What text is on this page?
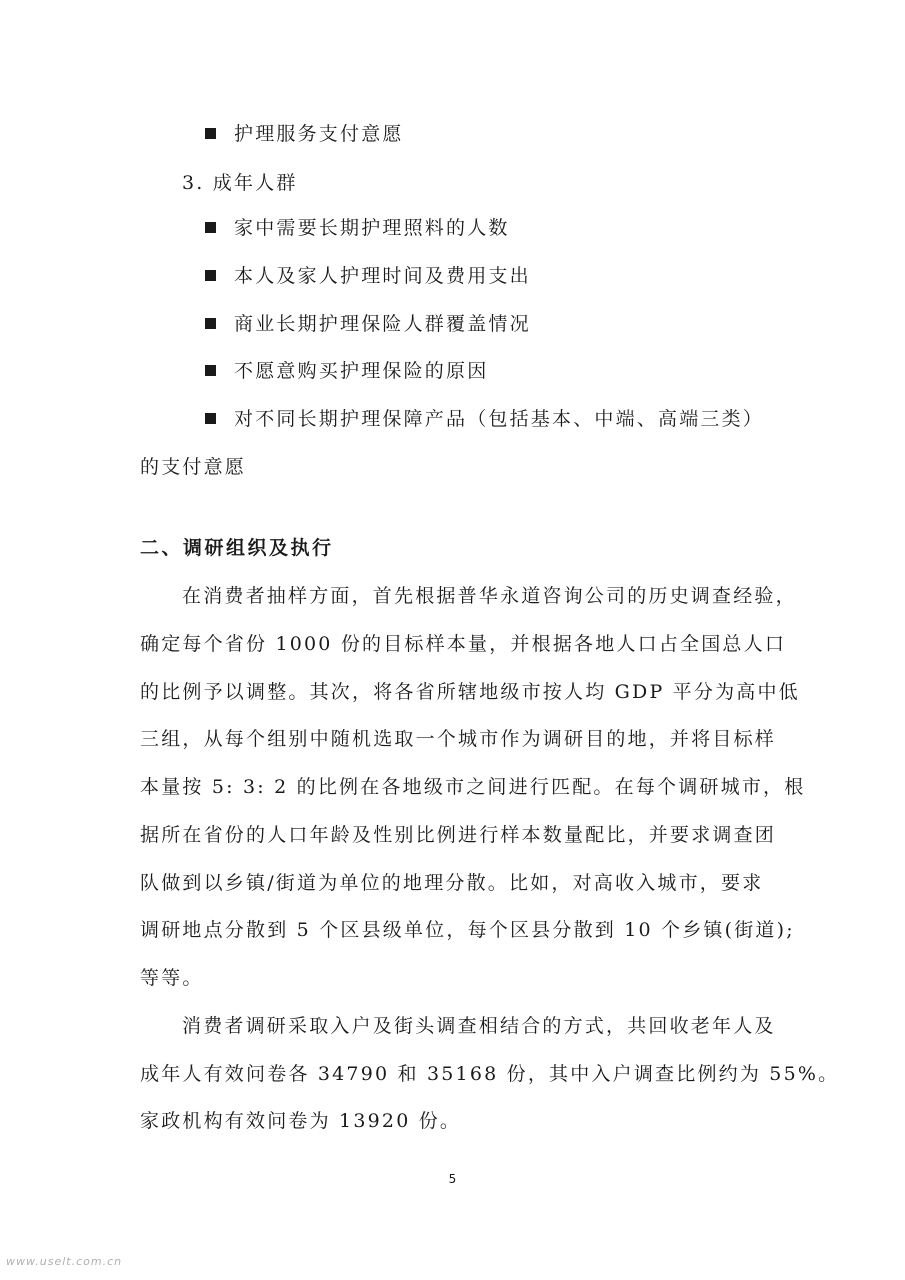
护理服务支付意愿
3. 成年人群
家中需要长期护理照料的人数
本人及家人护理时间及费用支出
商业长期护理保险人群覆盖情况
不愿意购买护理保险的原因
对不同长期护理保障产品（包括基本、中端、高端三类）
的支付意愿
二、调研组织及执行
在消费者抽样方面，首先根据普华永道咨询公司的历史调查经验，
确定每个省份 1000 份的目标样本量，并根据各地人口占全国总人口
的比例予以调整。其次，将各省所辖地级市按人均 GDP 平分为高中低
三组，从每个组别中随机选取一个城市作为调研目的地，并将目标样
本量按 5: 3: 2 的比例在各地级市之间进行匹配。在每个调研城市，根
据所在省份的人口年龄及性别比例进行样本数量配比，并要求调查团
队做到以乡镇/街道为单位的地理分散。比如，对高收入城市，要求
调研地点分散到 5 个区县级单位，每个区县分散到 10 个乡镇(街道);
等等。
消费者调研采取入户及街头调查相结合的方式，共回收老年人及
成年人有效问卷各 34790 和 35168 份，其中入户调查比例约为 55%。
家政机构有效问卷为 13920 份。
5
www.uselt.com.cn
